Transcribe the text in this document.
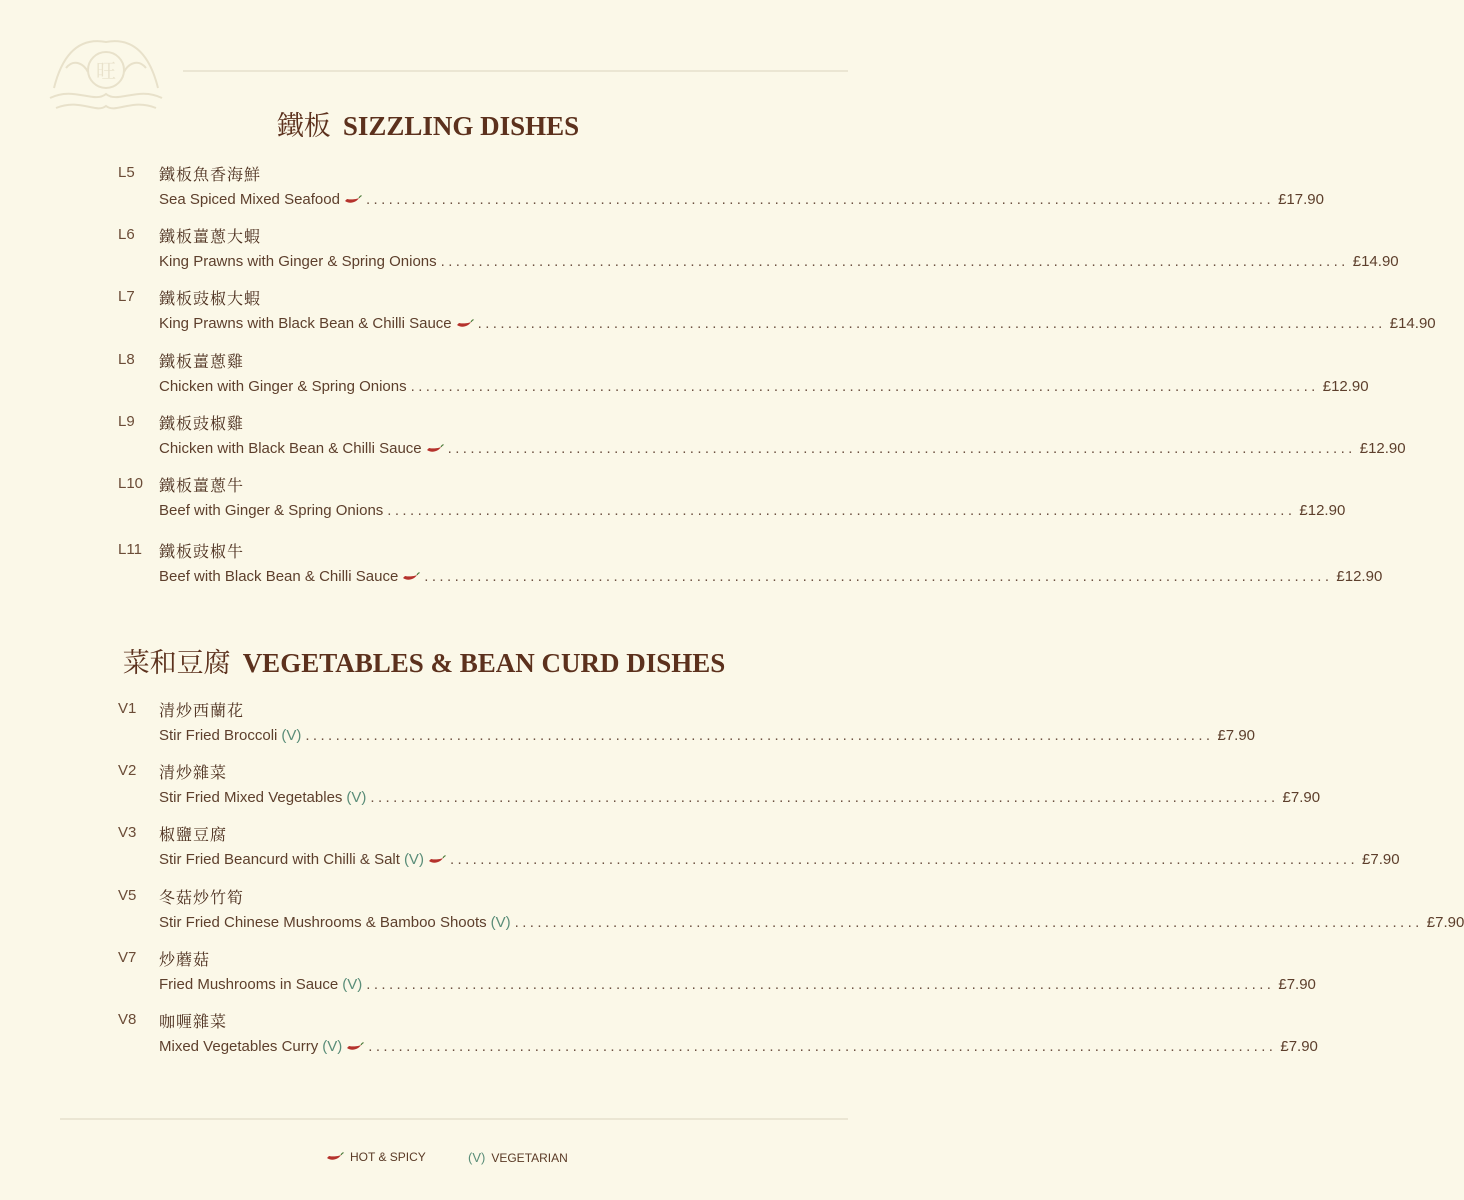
旺
鐵板 SIZZLING DISHES
L5 鐵板魚香海鮮
Sea Spiced Mixed Seafood	........................................................................................................................ £17.90
L6 鐵板薑蔥大蝦
King Prawns with Ginger & Spring Onions ........................................................................................................................ £14.90
L7 鐵板豉椒大蝦
King Prawns with Black Bean & Chilli Sauce	........................................................................................................................ £14.90
L8 鐵板薑蔥雞
Chicken with Ginger & Spring Onions ........................................................................................................................ £12.90
L9 鐵板豉椒雞
Chicken with Black Bean & Chilli Sauce	........................................................................................................................ £12.90
L10 鐵板薑蔥牛
Beef with Ginger & Spring Onions ........................................................................................................................ £12.90
L11 鐵板豉椒牛
Beef with Black Bean & Chilli Sauce	........................................................................................................................ £12.90
菜和豆腐 VEGETABLES & BEAN CURD DISHES
V1 清炒西蘭花
Stir Fried Broccoli (V) ........................................................................................................................ £7.90
V2 清炒雜菜
Stir Fried Mixed Vegetables (V) ........................................................................................................................ £7.90
V3 椒鹽豆腐
Stir Fried Beancurd with Chilli & Salt (V)	........................................................................................................................ £7.90
V5 冬菇炒竹筍
Stir Fried Chinese Mushrooms & Bamboo Shoots (V) ........................................................................................................................ £7.90
V7 炒蘑菇
Fried Mushrooms in Sauce (V) ........................................................................................................................ £7.90
V8 咖喱雜菜
Mixed Vegetables Curry (V)	........................................................................................................................ £7.90
HOT & SPICY	(V) VEGETARIAN
